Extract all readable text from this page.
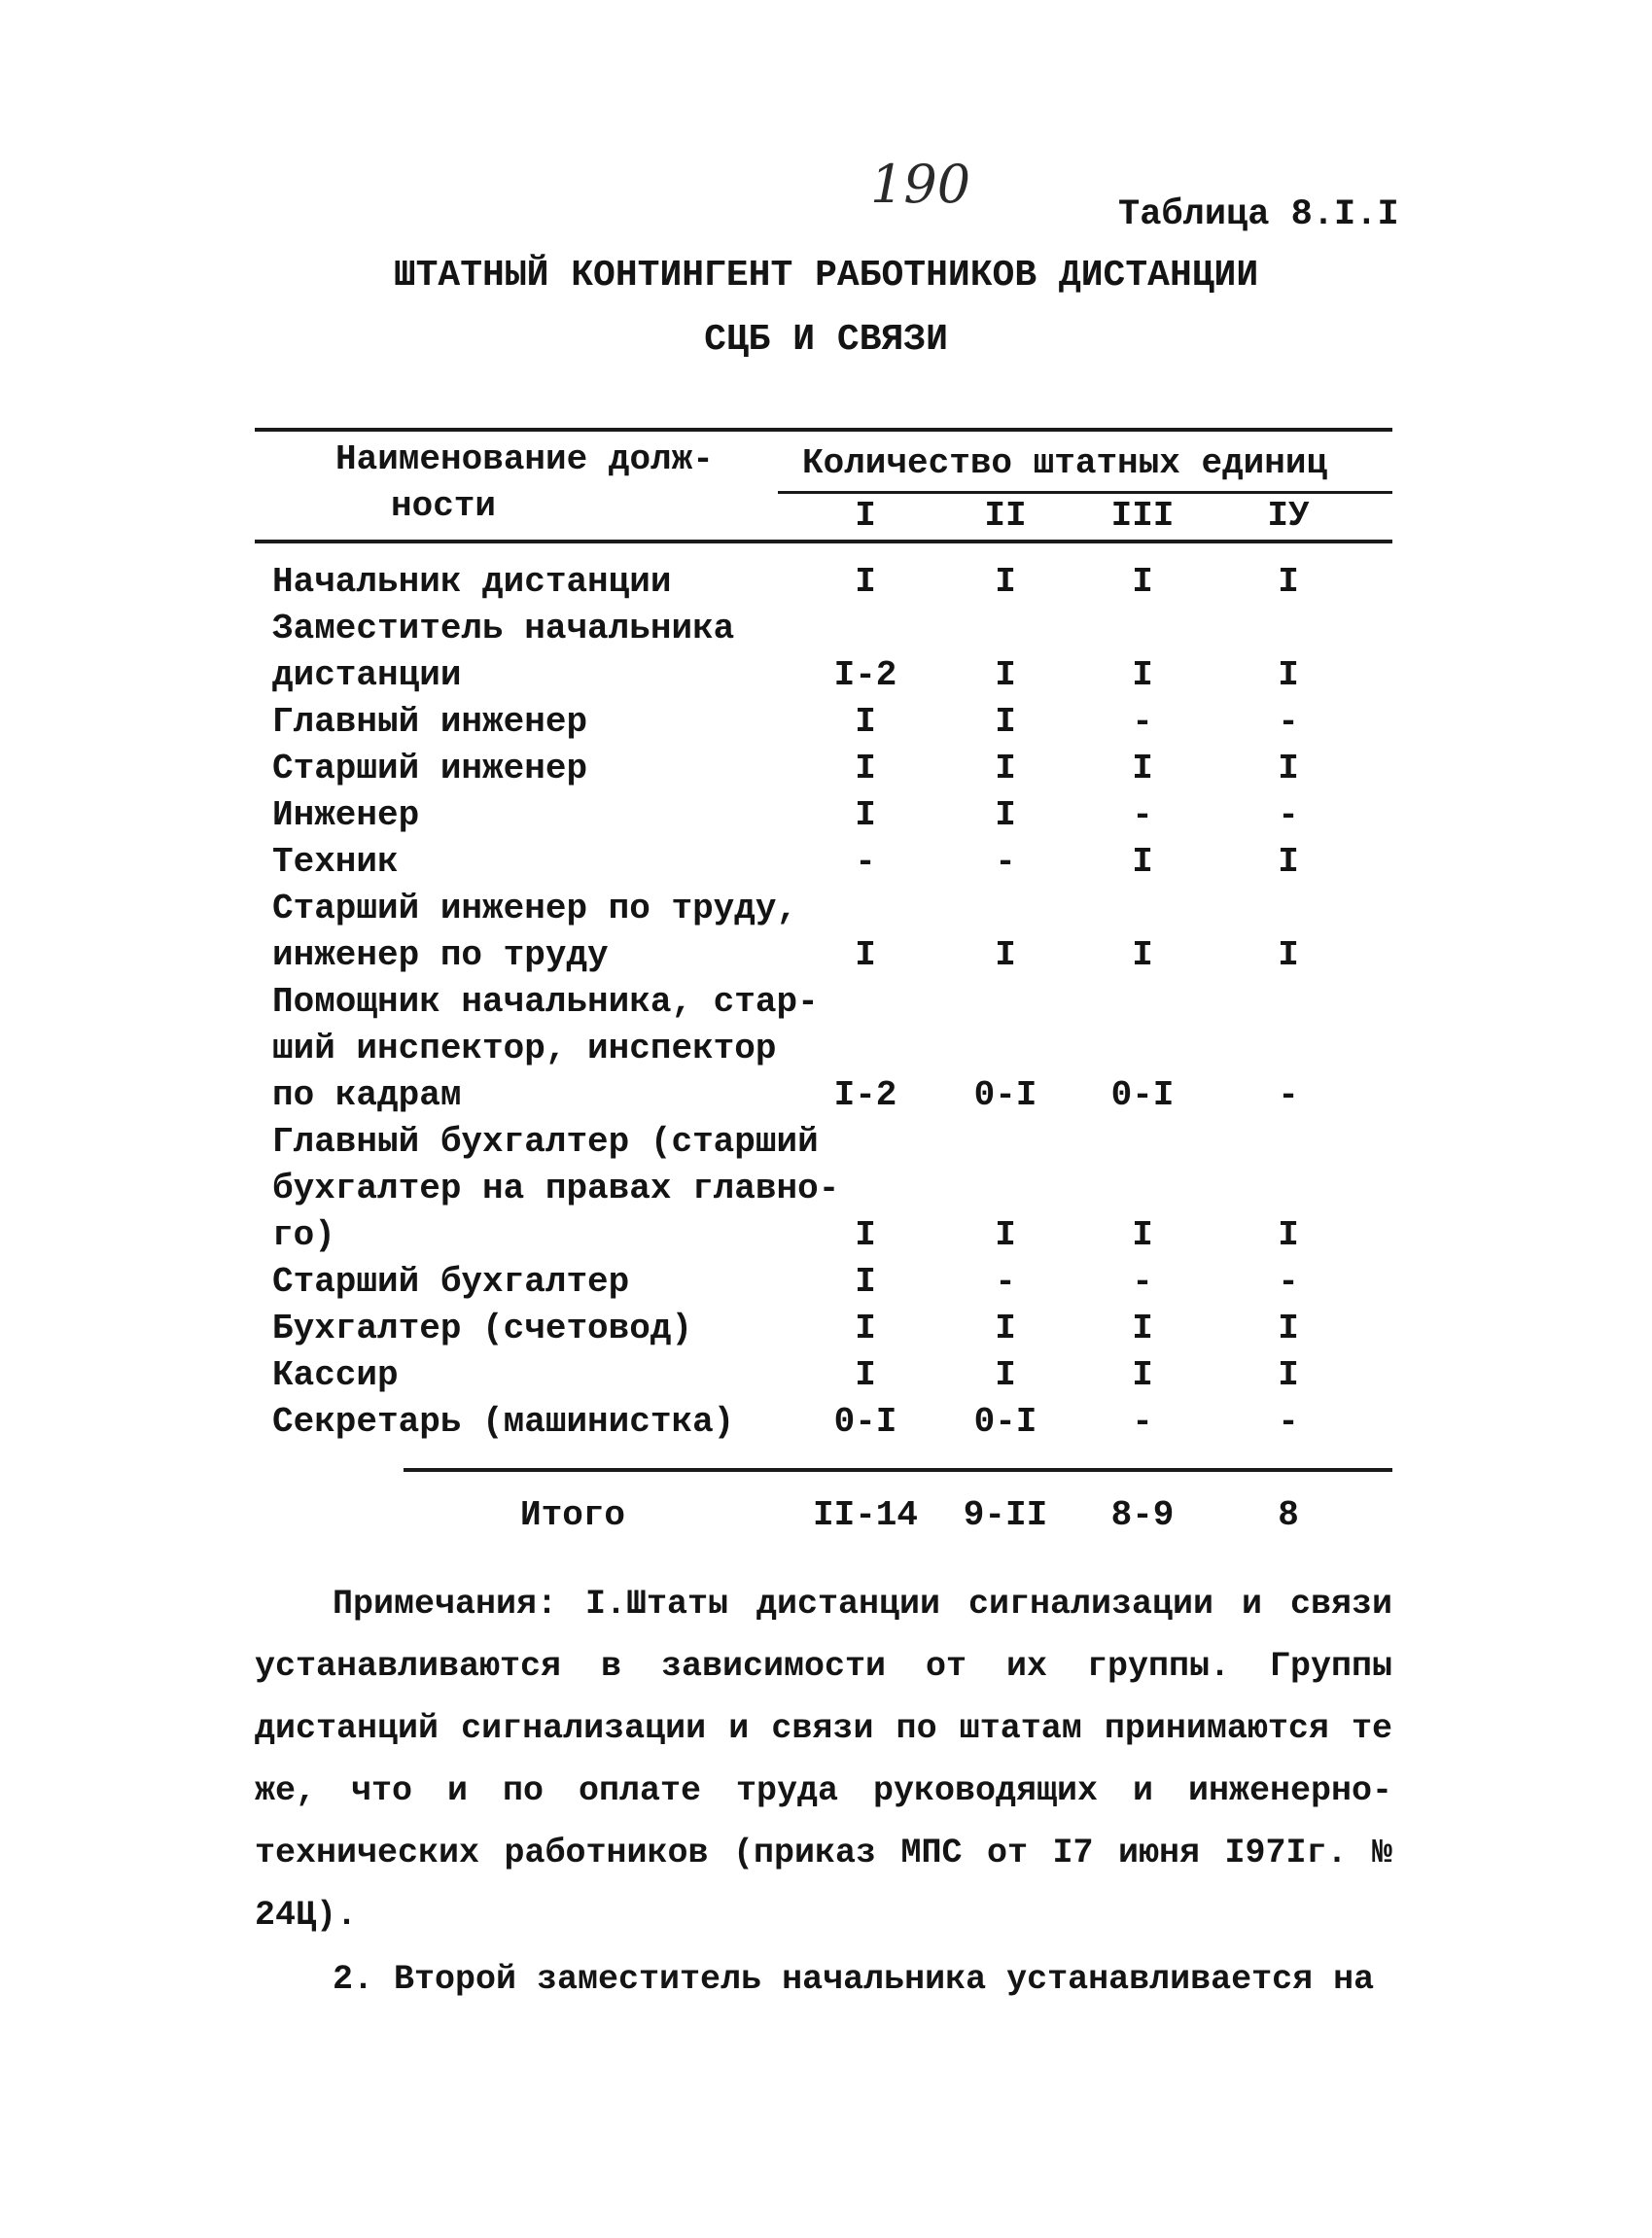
190	Таблица 8.I.I
ШТАТНЫЙ КОНТИНГЕНТ РАБОТНИКОВ ДИСТАНЦИИ
СЦБ И СВЯЗИ
Наименование долж-
ности
Количество штатных единиц
I	II	III	IУ
Начальник дистанции	I	I	I	I
Заместитель начальника
дистанции	I-2	I	I	I
Главный инженер	I	I	-	-
Старший инженер	I	I	I	I
Инженер	I	I	-	-
Техник	-	-	I	I
Старший инженер по труду,
инженер по труду	I	I	I	I
Помощник начальника, стар-
ший инспектор, инспектор
по кадрам	I-2	0-I	0-I	-
Главный бухгалтер (старший
бухгалтер на правах главно-
го)	I	I	I	I
Старший бухгалтер	I	-	-	-
Бухгалтер (счетовод)	I	I	I	I
Кассир	I	I	I	I
Секретарь (машинистка)	0-I	0-I	-	-
Итого	II-14	9-II	8-9	8

Примечания: I.Штаты дистанции сигнализации и связи устанавливаются в зависимости от их группы. Группы дистанций сигнализации и связи по штатам принимаются те же, что и по оплате труда руководящих и инженерно-технических работников (приказ МПС от I7 июня I97Iг. № 24Ц).

2. Второй заместитель начальника устанавливается на
